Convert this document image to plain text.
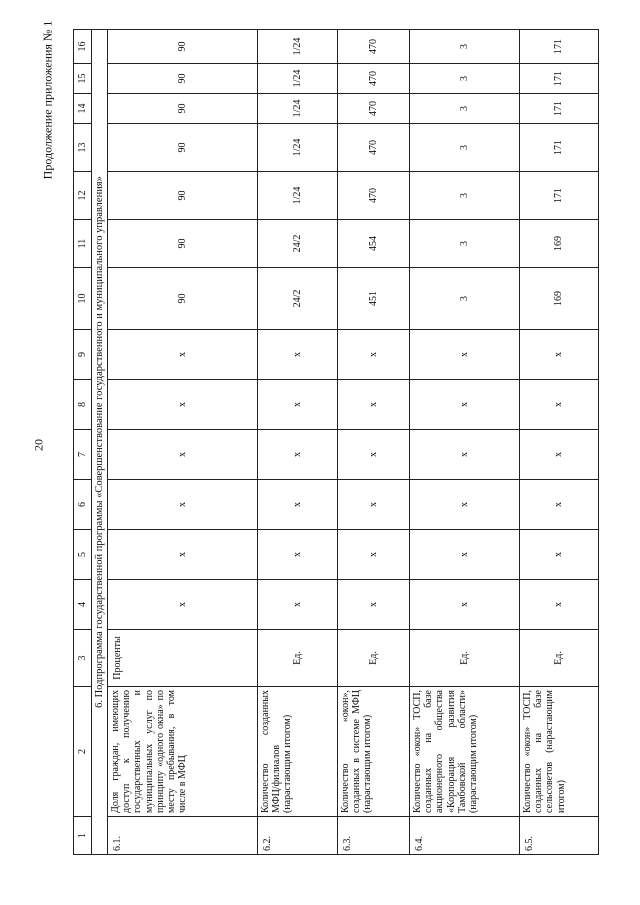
20
Продолжение приложения № 1
1	2	3	4	5	6	7	8	9	10	11	12	13	14	15	16
6. Подпрограмма государственной программы «Совершенствование государственного и муниципального управления»															
6.1.	Доля граждан, имеющих доступ к получению государственных и муниципальных услуг по принципу «одного окна» по месту пребывания, в том числе в МФЦ	Проценты	x	x	x	x	x	x	90	90	90	90	90	90	90
6.2.	Количество созданных МФЦ/филиалов (нарастающим итогом)	Ед.	x	x	x	x	x	x	24/2	24/2	1/24	1/24	1/24	1/24	1/24
6.3.	Количество «окон», созданных в системе МФЦ (нарастающим итогом)	Ед.	x	x	x	x	x	x	451	454	470	470	470	470	470
6.4.	Количество «окон» ТОСП, созданных на базе акционерного общества «Корпорация развития Тамбовской области» (нарастающим итогом)	Ед.	x	x	x	x	x	x	3	3	3	3	3	3	3
6.5.	Количество «окон» ТОСП, созданных на базе сельсоветов (нарастающим итогом)	Ед.	x	x	x	x	x	x	169	169	171	171	171	171	171
